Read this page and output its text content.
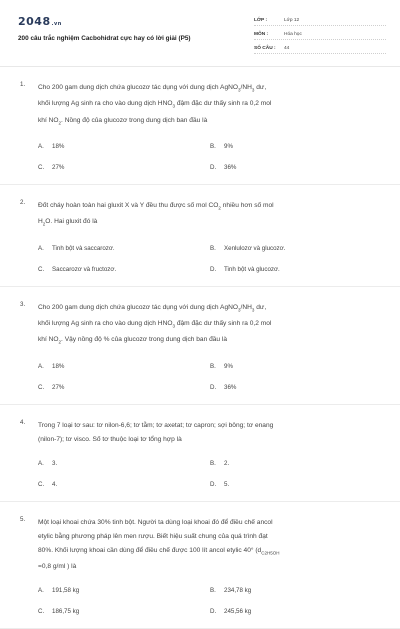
2048.vn
200 câu trắc nghiệm Cacbohidrat cực hay có lời giải (P5)
LỚP :	Lớp 12
MÔN :	Hóa học
SỐ CÂU :	44
1. Cho 200 gam dung dịch chứa glucozơ tác dụng với dung dịch $AgNO_3/NH_3$ dư,
khối lượng Ag sinh ra cho vào dung dịch $HNO_3$ đậm đặc dư thấy sinh ra 0,2 mol
khí $NO_2$. Nồng độ của glucozơ trong dung dịch ban đầu là
A.	18%	B.	9%
C.	27%	D.	36%
2. Đốt cháy hoàn toàn hai gluxit X và Y đều thu được số mol $CO_2$ nhiều hơn số mol
$H_2O$. Hai gluxit đó là
A.	Tinh bột và saccarozơ.	B.	Xenlulozơ và glucozơ.
C.	Saccarozơ và fructozơ.	D.	Tinh bột và glucozơ.
3. Cho 200 gam dung dịch chứa glucozơ tác dụng với dung dịch $AgNO_3/NH_3$ dư,
khối lượng Ag sinh ra cho vào dung dịch $HNO_3$ đậm đặc dư thấy sinh ra 0,2 mol
khí $NO_2$. Vậy nồng độ % của glucozơ trong dung dịch ban đầu là
A.	18%	B.	9%
C.	27%	D.	36%
4. Trong 7 loại tơ sau: tơ nilon-6,6; tơ tằm; tơ axetat; tơ capron; sợi bông; tơ enang
(nilon-7); tơ visco. Số tơ thuộc loại tơ tổng hợp là
A.	3.	B.	2.
C.	4.	D.	5.
5. Một loại khoai chứa 30% tinh bột. Người ta dùng loại khoai đó để điều chế ancol
etylic bằng phương pháp lên men rượu. Biết hiệu suất chung của quá trình đạt
80%. Khối lượng khoai cần dùng để điều chế được 100 lít ancol etylic 40° ($d_{C2H5OH}$
=0,8 g/ml ) là
A.	191,58 kg	B.	234,78 kg
C.	186,75 kg	D.	245,56 kg
